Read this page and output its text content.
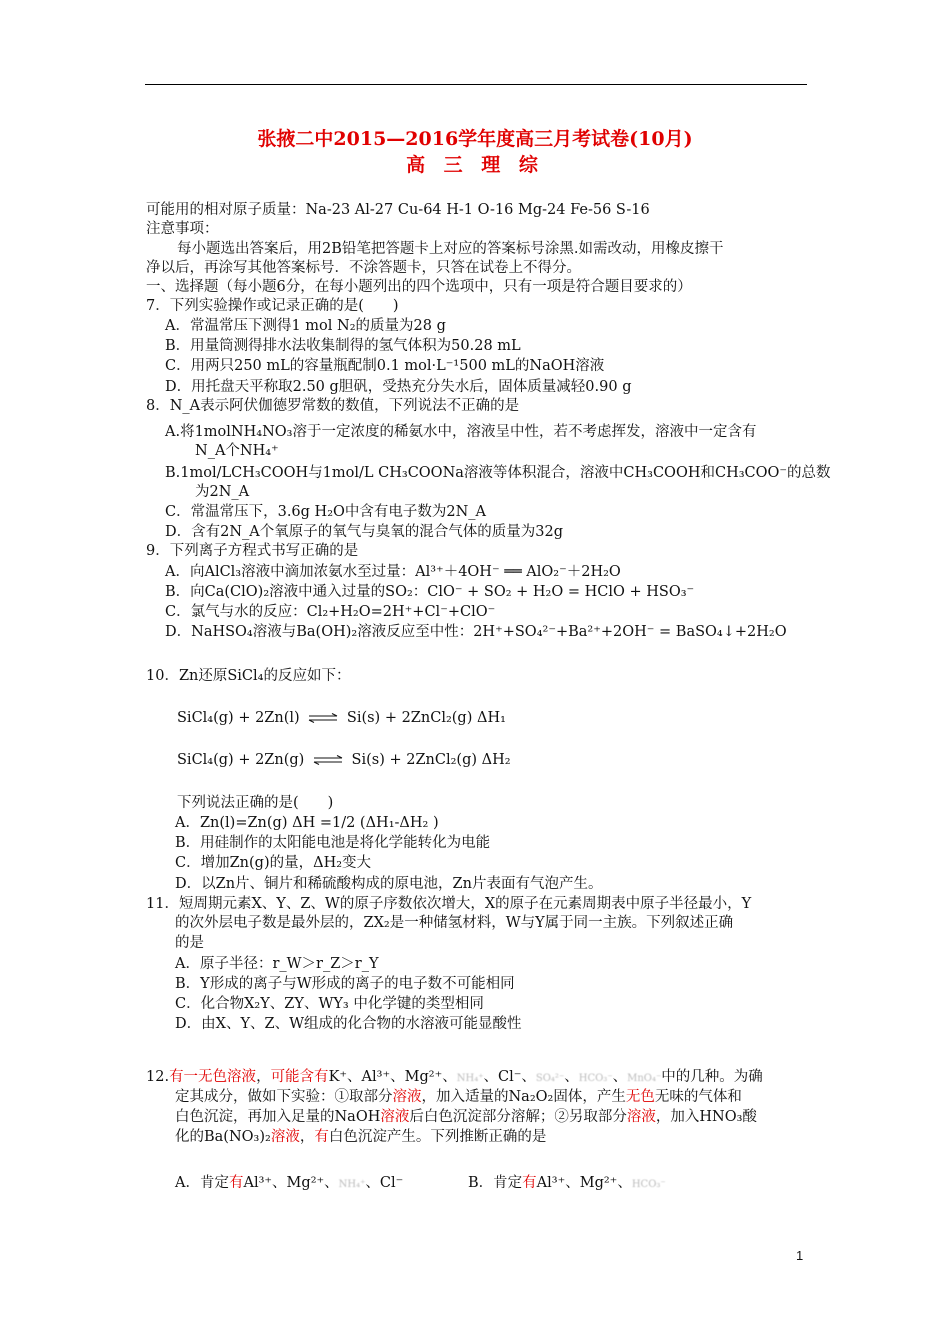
张掖二中2015—2016学年度高三月考试卷(10月)
高 三 理 综
可能用的相对原子质量：Na-23 Al-27 Cu-64 H-1 O-16 Mg-24 Fe-56 S-16
注意事项：
每小题选出答案后，用2B铅笔把答题卡上对应的答案标号涂黑.如需改动，用橡皮擦干
净以后，再涂写其他答案标号．不涂答题卡，只答在试卷上不得分。
一、选择题（每小题6分，在每小题列出的四个选项中，只有一项是符合题目要求的）
7．下列实验操作或记录正确的是(　　)
A．常温常压下测得1 mol N₂的质量为28 g
B．用量筒测得排水法收集制得的氢气体积为50.28 mL
C．用两只250 mL的容量瓶配制0.1 mol·L⁻¹500 mL的NaOH溶液
D．用托盘天平称取2.50 g胆矾，受热充分失水后，固体质量减轻0.90 g
8．N_A表示阿伏伽德罗常数的数值，下列说法不正确的是
A.将1molNH₄NO₃溶于一定浓度的稀氨水中，溶液呈中性，若不考虑挥发，溶液中一定含有
N_A个NH₄⁺
B.1mol/LCH₃COOH与1mol/L CH₃COONa溶液等体积混合，溶液中CH₃COOH和CH₃COO⁻的总数
为2N_A
C．常温常压下，3.6g H₂O中含有电子数为2N_A
D．含有2N_A个氧原子的氧气与臭氧的混合气体的质量为32g
9．下列离子方程式书写正确的是
A．向AlCl₃溶液中滴加浓氨水至过量：Al³⁺＋4OH⁻ ══ AlO₂⁻＋2H₂O
B．向Ca(ClO)₂溶液中通入过量的SO₂：ClO⁻ + SO₂ + H₂O = HClO + HSO₃⁻
C．氯气与水的反应：Cl₂+H₂O=2H⁺+Cl⁻+ClO⁻
D．NaHSO₄溶液与Ba(OH)₂溶液反应至中性：2H⁺+SO₄²⁻+Ba²⁺+2OH⁻ = BaSO₄↓+2H₂O
10．Zn还原SiCl₄的反应如下：
SiCl₄(g) + 2Zn(l) ⇌ Si(s) + 2ZnCl₂(g) ΔH₁
SiCl₄(g) + 2Zn(g) ⇌ Si(s) + 2ZnCl₂(g) ΔH₂
下列说法正确的是(　　)
A．Zn(l)=Zn(g) ΔH =1/2 (ΔH₁-ΔH₂ )
B．用硅制作的太阳能电池是将化学能转化为电能
C．增加Zn(g)的量，ΔH₂变大
D．以Zn片、铜片和稀硫酸构成的原电池，Zn片表面有气泡产生。
11．短周期元素X、Y、Z、W的原子序数依次增大，X的原子在元素周期表中原子半径最小，Y
的次外层电子数是最外层的，ZX₂是一种储氢材料，W与Y属于同一主族。下列叙述正确
的是
A．原子半径：r_W＞r_Z＞r_Y
B．Y形成的离子与W形成的离子的电子数不可能相同
C．化合物X₂Y、ZY、WY₃ 中化学键的类型相同
D．由X、Y、Z、W组成的化合物的水溶液可能显酸性
12.有一无色溶液，可能含有K⁺、Al³⁺、Mg²⁺、NH₄⁺、Cl⁻、SO₄²⁻、HCO₃⁻、MnO₄⁻中的几种。为确
定其成分，做如下实验：①取部分溶液，加入适量的Na₂O₂固体，产生无色无味的气体和
白色沉淀，再加入足量的NaOH溶液后白色沉淀部分溶解；②另取部分溶液，加入HNO₃酸
化的Ba(NO₃)₂溶液，有白色沉淀产生。下列推断正确的是
A．肯定有Al³⁺、Mg²⁺、NH₄⁺、Cl⁻	B．肯定有Al³⁺、Mg²⁺、HCO₃⁻
1
